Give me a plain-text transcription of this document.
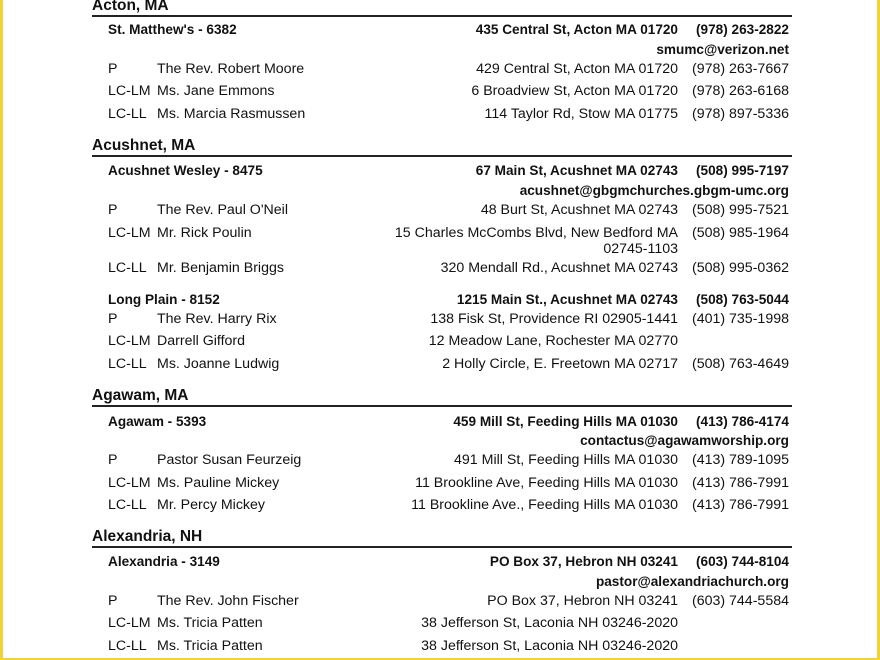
Acton, MA
St. Matthew's - 6382	435 Central St, Acton MA 01720 (978) 263-2822
smumc@verizon.net
P	The Rev. Robert Moore	429 Central St, Acton MA 01720 (978) 263-7667
LC-LM Ms. Jane Emmons	6 Broadview St, Acton MA 01720 (978) 263-6168
LC-LL Ms. Marcia Rasmussen	114 Taylor Rd, Stow MA 01775 (978) 897-5336
Acushnet, MA
Acushnet Wesley - 8475	67 Main St, Acushnet MA 02743 (508) 995-7197
acushnet@gbgmchurches.gbgm-umc.org
P	The Rev. Paul O'Neil	48 Burt St, Acushnet MA 02743 (508) 995-7521
LC-LM Mr. Rick Poulin	15 Charles McCombs Blvd, New Bedford MA (508) 985-1964
02745-1103
LC-LL Mr. Benjamin Briggs	320 Mendall Rd., Acushnet MA 02743 (508) 995-0362
Long Plain - 8152	1215 Main St., Acushnet MA 02743 (508) 763-5044
P	The Rev. Harry Rix	138 Fisk St, Providence RI 02905-1441 (401) 735-1998
LC-LM Darrell Gifford	12 Meadow Lane, Rochester MA 02770
LC-LL Ms. Joanne Ludwig	2 Holly Circle, E. Freetown MA 02717 (508) 763-4649
Agawam, MA
Agawam - 5393	459 Mill St, Feeding Hills MA 01030 (413) 786-4174
contactus@agawamworship.org
P	Pastor Susan Feurzeig	491 Mill St, Feeding Hills MA 01030 (413) 789-1095
LC-LM Ms. Pauline Mickey	11 Brookline Ave, Feeding Hills MA 01030 (413) 786-7991
LC-LL Mr. Percy Mickey	11 Brookline Ave., Feeding Hills MA 01030 (413) 786-7991
Alexandria, NH
Alexandria - 3149	PO Box 37, Hebron NH 03241 (603) 744-8104
pastor@alexandriachurch.org
P	The Rev. John Fischer	PO Box 37, Hebron NH 03241 (603) 744-5584
LC-LM Ms. Tricia Patten	38 Jefferson St, Laconia NH 03246-2020
LC-LL Ms. Tricia Patten	38 Jefferson St, Laconia NH 03246-2020
